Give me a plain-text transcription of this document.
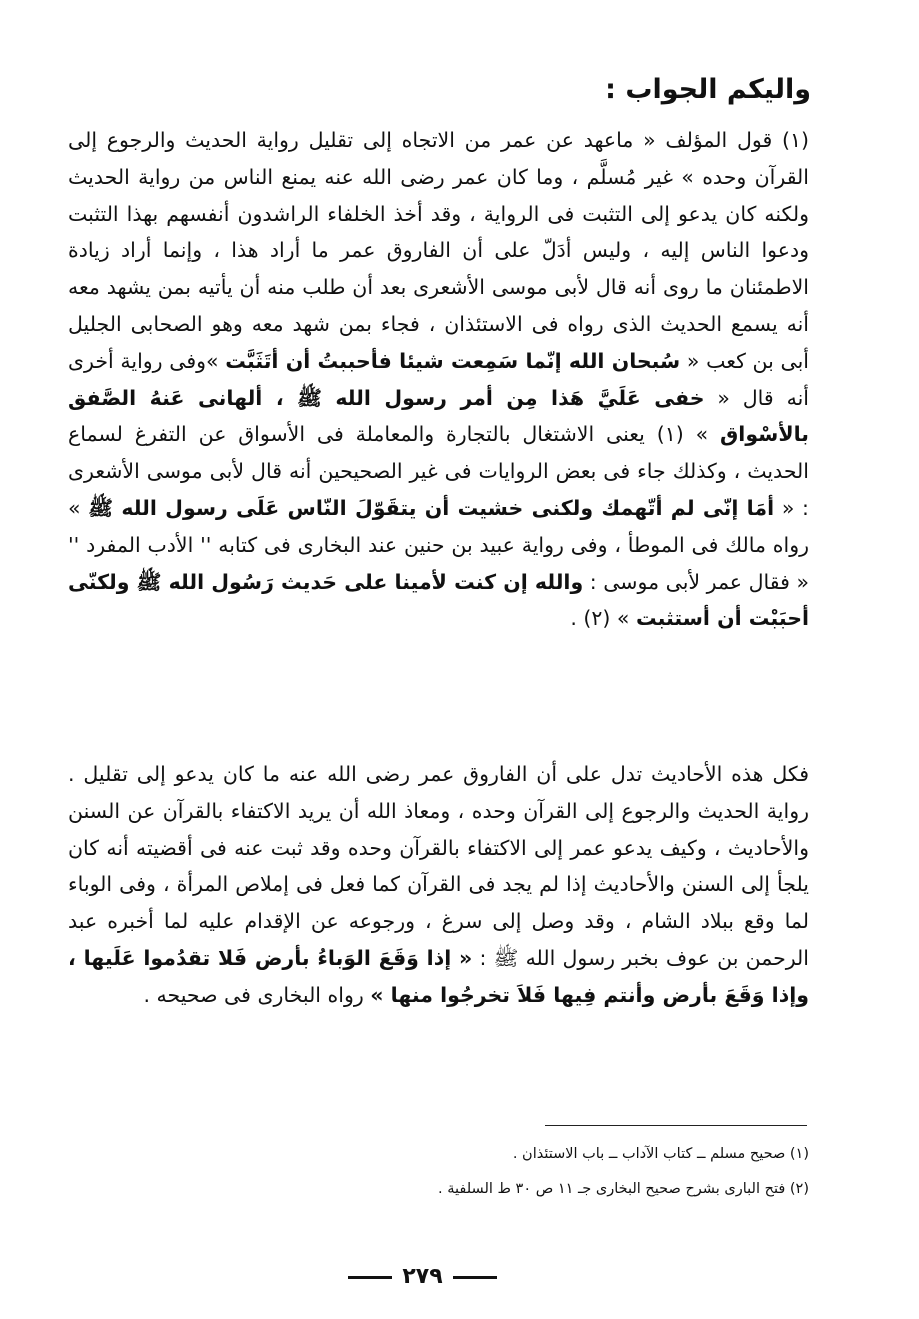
واليكم الجواب :
(١) قول المؤلف « ماعهد عن عمر من الاتجاه إلى تقليل رواية الحديث والرجوع إلى القرآن وحده » غير مُسلَّم ، وما كان عمر رضى الله عنه يمنع الناس من رواية الحديث ولكنه كان يدعو إلى التثبت فى الرواية ، وقد أخذ الخلفاء الراشدون أنفسهم بهذا التثبت ودعوا الناس إليه ، وليس أدَلّ على أن الفاروق عمر ما أراد هذا ، وإنما أراد زيادة الاطمئنان ما روى أنه قال لأبى موسى الأشعرى بعد أن طلب منه أن يأتيه بمن يشهد معه أنه يسمع الحديث الذى رواه فى الاستئذان ، فجاء بمن شهد معه وهو الصحابى الجليل أبى بن كعب « سُبحان الله إنّما سَمِعت شيئا فأحببتُ أن أتَثَبَّت »وفى رواية أخرى أنه قال « خفى عَلَيَّ هَذا مِن أمر رسول الله ﷺ ، ألهانى عَنهُ الصَّفق بالأسْواق » (١) يعنى الاشتغال بالتجارة والمعاملة فى الأسواق عن التفرغ لسماع الحديث ، وكذلك جاء فى بعض الروايات فى غير الصحيحين أنه قال لأبى موسى الأشعرى : « أمَا إنّى لم أتّهمك ولكنى خشيت أن يتقَوّلَ النّاس عَلَى رسول الله ﷺ » رواه مالك فى الموطأ ، وفى رواية عبيد بن حنين عند البخارى فى كتابه '' الأدب المفرد '' « فقال عمر لأبى موسى : والله إن كنت لأمينا على حَديث رَسُول الله ﷺ ولكنّى أحبَبْت أن أستثبت » (٢) .
فكل هذه الأحاديث تدل على أن الفاروق عمر رضى الله عنه ما كان يدعو إلى تقليل . رواية الحديث والرجوع إلى القرآن وحده ، ومعاذ الله أن يريد الاكتفاء بالقرآن عن السنن والأحاديث ، وكيف يدعو عمر إلى الاكتفاء بالقرآن وحده وقد ثبت عنه فى أقضيته أنه كان يلجأ إلى السنن والأحاديث إذا لم يجد فى القرآن كما فعل فى إملاص المرأة ، وفى الوباء لما وقع ببلاد الشام ، وقد وصل إلى سرغ ، ورجوعه عن الإقدام عليه لما أخبره عبد الرحمن بن عوف بخبر رسول الله ﷺ : « إذا وَقَعَ الوَباءُ بأرض فَلا تقدُموا عَلَيها ، وإذا وَقَعَ بأرض وأنتم فِيها فَلاَ تخرجُوا منها » رواه البخارى فى صحيحه .
(١) صحيح مسلم ــ كتاب الآداب ــ باب الاستئذان .
(٢) فتح البارى بشرح صحيح البخارى جـ ١١ ص ٣٠ ط السلفية .
٢٧٩
